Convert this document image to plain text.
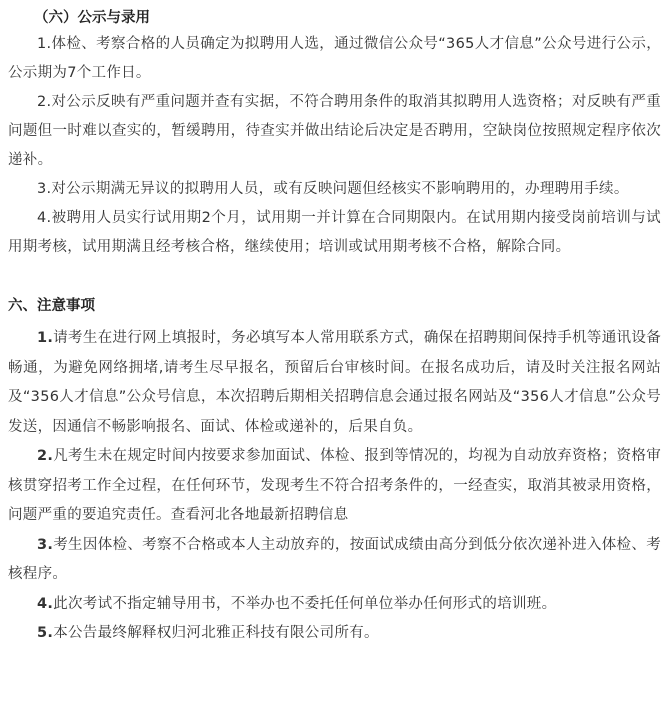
（六）公示与录用

1.体检、考察合格的人员确定为拟聘用人选，通过微信公众号“365人才信息”公众号进行公示，公示期为7个工作日。

2.对公示反映有严重问题并查有实据，不符合聘用条件的取消其拟聘用人选资格；对反映有严重问题但一时难以查实的，暂缓聘用，待查实并做出结论后决定是否聘用，空缺岗位按照规定程序依次递补。

3.对公示期满无异议的拟聘用人员，或有反映问题但经核实不影响聘用的，办理聘用手续。

4.被聘用人员实行试用期2个月，试用期一并计算在合同期限内。在试用期内接受岗前培训与试用期考核，试用期满且经考核合格，继续使用；培训或试用期考核不合格，解除合同。

六、注意事项

1.请考生在进行网上填报时，务必填写本人常用联系方式，确保在招聘期间保持手机等通讯设备畅通，为避免网络拥堵,请考生尽早报名，预留后台审核时间。在报名成功后，请及时关注报名网站及“356人才信息”公众号信息，本次招聘后期相关招聘信息会通过报名网站及“356人才信息”公众号发送，因通信不畅影响报名、面试、体检或递补的，后果自负。

2.凡考生未在规定时间内按要求参加面试、体检、报到等情况的，均视为自动放弃资格；资格审核贯穿招考工作全过程，在任何环节，发现考生不符合招考条件的，一经查实，取消其被录用资格，问题严重的要追究责任。查看河北各地最新招聘信息

3.考生因体检、考察不合格或本人主动放弃的，按面试成绩由高分到低分依次递补进入体检、考核程序。

4.此次考试不指定辅导用书，不举办也不委托任何单位举办任何形式的培训班。

5.本公告最终解释权归河北雅正科技有限公司所有。
